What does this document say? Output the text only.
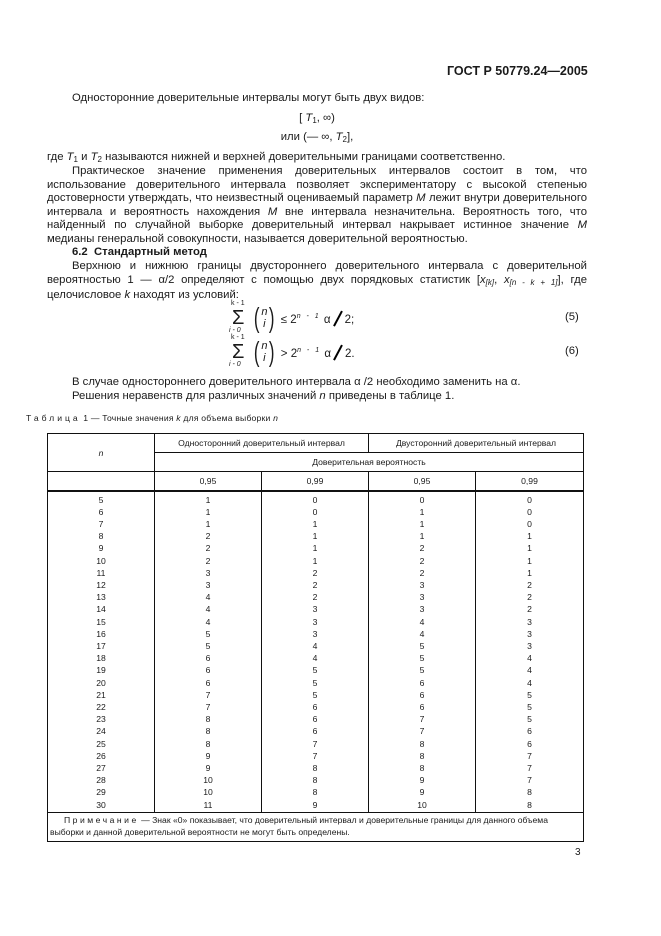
ГОСТ Р 50779.24—2005
Односторонние доверительные интервалы могут быть двух видов:
[ $T_1$, ∞)
или (— ∞, $T_2$],
где $T_1$ и $T_2$ называются нижней и верхней доверительными границами соответственно.
Практическое значение применения доверительных интервалов состоит в том, что использование доверительного интервала позволяет экспериментатору с высокой степенью достоверности утверждать, что неизвестный оцениваемый параметр M лежит внутри доверительного интервала и вероятность нахождения M вне интервала незначительна. Вероятность того, что найденный по случайной выборке доверительный интервал накрывает истинное значение M медианы генеральной совокупности, называется доверительной вероятностью.
6.2 Стандартный метод
Верхнюю и нижнюю границы двустороннего доверительного интервала с доверительной вероятностью 1 — α/2 определяют с помощью двух порядковых статистик [$x_{[k]}$, $x_{[n - k + 1]}$], где целочисловое k находят из условий:
k - 1
Σ
i - 0 ( n
i ) ≤ $2^{n - 1}$ α 2;	(5)
k - 1
Σ
i - 0 ( n
i ) > $2^{n - 1}$ α 2.	(6)
В случае одностороннего доверительного интервала α /2 необходимо заменить на α.
Решения неравенств для различных значений n приведены в таблице 1.
Таблица 1 — Точные значения k для объема выборки n
n	Односторонний доверительный интервал		Двусторонний доверительный интервал	
	Доверительная вероятность			
	0,95	0,99	0,95	0,99
5	1	0	0	0
6	1	0	1	0
7	1	1	1	0
8	2	1	1	1
9	2	1	2	1
10	2	1	2	1
11	3	2	2	1
12	3	2	3	2
13	4	2	3	2
14	4	3	3	2
15	4	3	4	3
16	5	3	4	3
17	5	4	5	3
18	6	4	5	4
19	6	5	5	4
20	6	5	6	4
21	7	5	6	5
22	7	6	6	5
23	8	6	7	5
24	8	6	7	6
25	8	7	8	6
26	9	7	8	7
27	9	8	8	7
28	10	8	9	7
29	10	8	9	8
30	11	9	10	8
Примечание — Знак «0» показывает, что доверительный интервал и доверительные границы для данного объема выборки и данной доверительной вероятности не могут быть определены.				
3
